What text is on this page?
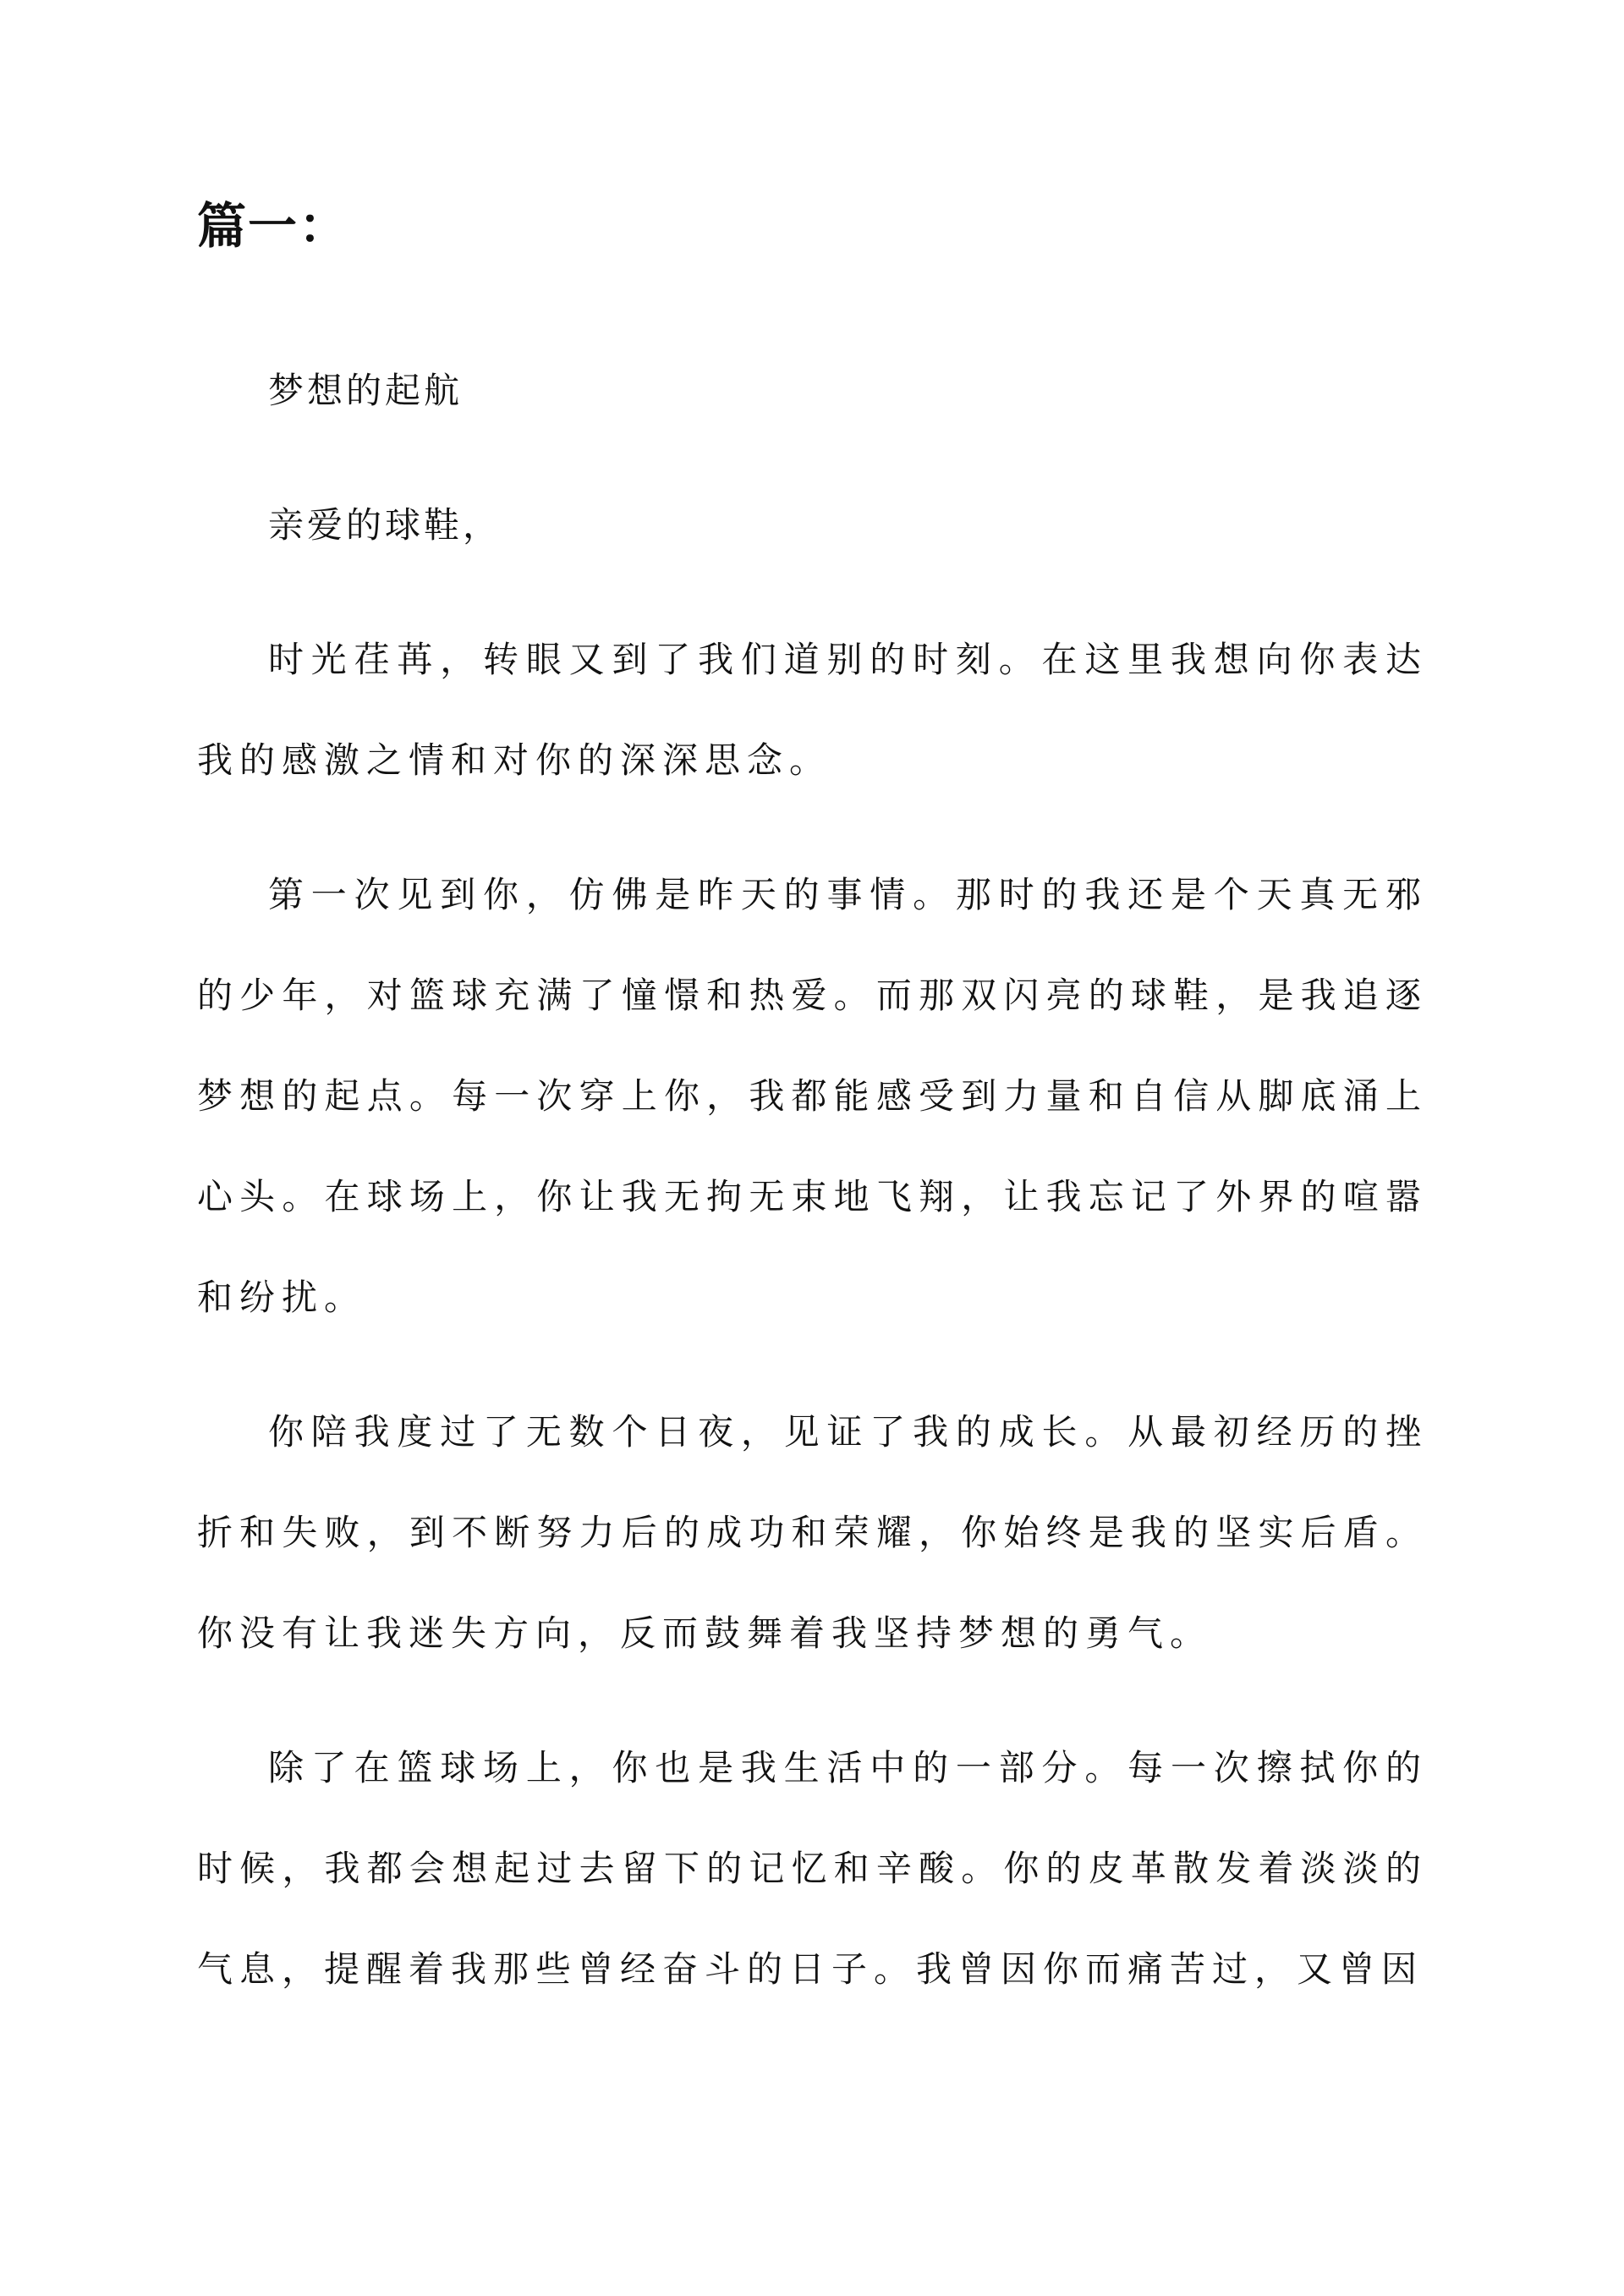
篇一：

梦想的起航

亲爱的球鞋，

时光荏苒，转眼又到了我们道别的时刻。在这里我想向你表达我的感激之情和对你的深深思念。

第一次见到你，仿佛是昨天的事情。那时的我还是个天真无邪的少年，对篮球充满了憧憬和热爱。而那双闪亮的球鞋，是我追逐梦想的起点。每一次穿上你，我都能感受到力量和自信从脚底涌上心头。在球场上，你让我无拘无束地飞翔，让我忘记了外界的喧嚣和纷扰。

你陪我度过了无数个日夜，见证了我的成长。从最初经历的挫折和失败，到不断努力后的成功和荣耀，你始终是我的坚实后盾。你没有让我迷失方向，反而鼓舞着我坚持梦想的勇气。

除了在篮球场上，你也是我生活中的一部分。每一次擦拭你的时候，我都会想起过去留下的记忆和辛酸。你的皮革散发着淡淡的气息，提醒着我那些曾经奋斗的日子。我曾因你而痛苦过，又曾因
